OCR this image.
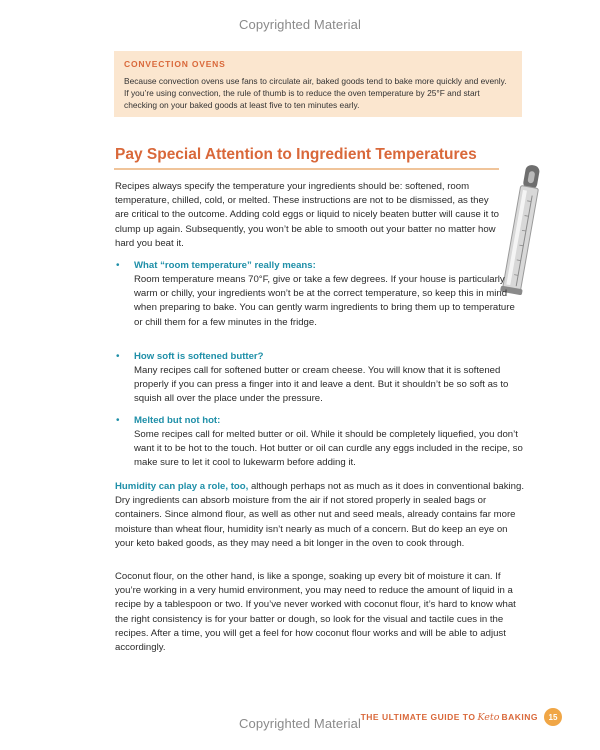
Copyrighted Material
CONVECTION OVENS
Because convection ovens use fans to circulate air, baked goods tend to bake more quickly and evenly. If you’re using convection, the rule of thumb is to reduce the oven temperature by 25°F and start checking on your baked goods at least five to ten minutes early.
Pay Special Attention to Ingredient Temperatures
Recipes always specify the temperature your ingredients should be: softened, room temperature, chilled, cold, or melted. These instructions are not to be dismissed, as they are critical to the outcome. Adding cold eggs or liquid to nicely beaten butter will cause it to clump up again. Subsequently, you won’t be able to smooth out your batter no matter how hard you beat it.
• What “room temperature” really means:
Room temperature means 70°F, give or take a few degrees. If your house is particularly warm or chilly, your ingredients won’t be at the correct temperature, so keep this in mind when preparing to bake. You can gently warm ingredients to bring them up to temperature or chill them for a few minutes in the fridge.
• How soft is softened butter?
Many recipes call for softened butter or cream cheese. You will know that it is softened properly if you can press a finger into it and leave a dent. But it shouldn’t be so soft as to squish all over the place under the pressure.
• Melted but not hot:
Some recipes call for melted butter or oil. While it should be completely liquefied, you don’t want it to be hot to the touch. Hot butter or oil can curdle any eggs included in the recipe, so make sure to let it cool to lukewarm before adding it.
Humidity can play a role, too, although perhaps not as much as it does in conventional baking. Dry ingredients can absorb moisture from the air if not stored properly in sealed bags or containers. Since almond flour, as well as other nut and seed meals, already contains far more moisture than wheat flour, humidity isn’t nearly as much of a concern. But do keep an eye on your keto baked goods, as they may need a bit longer in the oven to cook through.
Coconut flour, on the other hand, is like a sponge, soaking up every bit of moisture it can. If you’re working in a very humid environment, you may need to reduce the amount of liquid in a recipe by a tablespoon or two. If you’ve never worked with coconut flour, it’s hard to know what the right consistency is for your batter or dough, so look for the visual and tactile cues in the recipes. After a time, you will get a feel for how coconut flour works and will be able to adjust accordingly.
Copyrighted Material THE ULTIMATE GUIDE TO Keto BAKING	15
